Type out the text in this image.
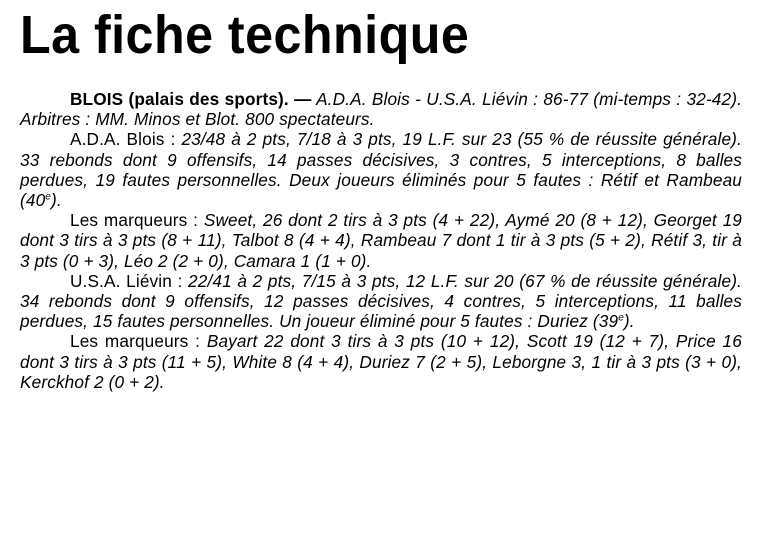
La fiche technique

BLOIS (palais des sports). — A.D.A. Blois - U.S.A. Liévin : 86-77 (mi-temps : 32-42). Arbitres : MM. Minos et Blot. 800 spectateurs.

A.D.A. Blois : 23/48 à 2 pts, 7/18 à 3 pts, 19 L.F. sur 23 (55 % de réussite générale). 33 rebonds dont 9 offensifs, 14 passes décisives, 3 contres, 5 interceptions, 8 balles perdues, 19 fautes personnelles. Deux joueurs éliminés pour 5 fautes : Rétif et Rambeau (40e).

Les marqueurs : Sweet, 26 dont 2 tirs à 3 pts (4 + 22), Aymé 20 (8 + 12), Georget 19 dont 3 tirs à 3 pts (8 + 11), Talbot 8 (4 + 4), Rambeau 7 dont 1 tir à 3 pts (5 + 2), Rétif 3, tir à 3 pts (0 + 3), Léo 2 (2 + 0), Camara 1 (1 + 0).

U.S.A. Liévin : 22/41 à 2 pts, 7/15 à 3 pts, 12 L.F. sur 20 (67 % de réussite générale). 34 rebonds dont 9 offensifs, 12 passes décisives, 4 contres, 5 interceptions, 11 balles perdues, 15 fautes personnelles. Un joueur éliminé pour 5 fautes : Duriez (39e).

Les marqueurs : Bayart 22 dont 3 tirs à 3 pts (10 + 12), Scott 19 (12 + 7), Price 16 dont 3 tirs à 3 pts (11 + 5), White 8 (4 + 4), Duriez 7 (2 + 5), Leborgne 3, 1 tir à 3 pts (3 + 0), Kerckhof 2 (0 + 2).
